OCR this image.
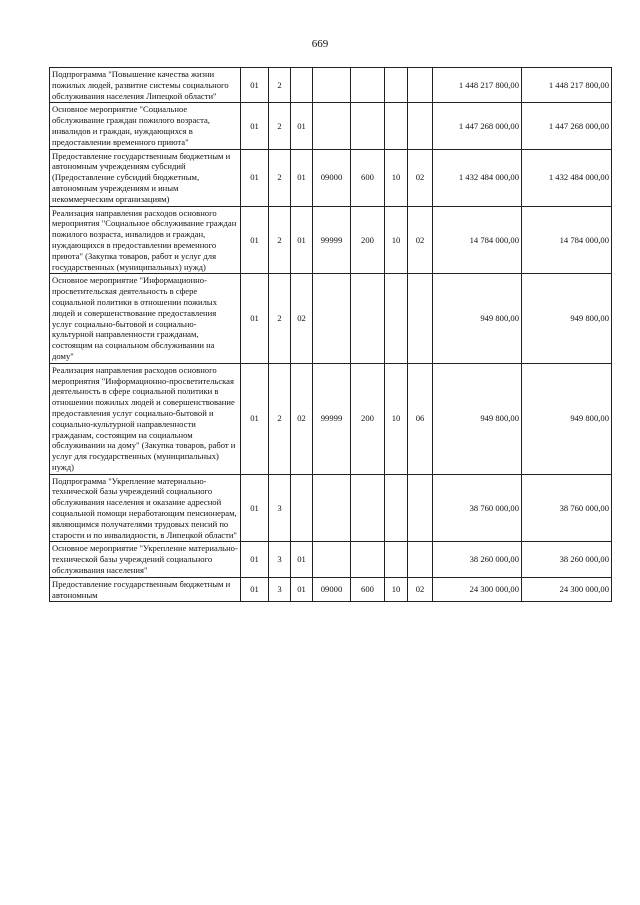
669
Подпрограмма "Повышение качества жизни пожилых людей, развитие системы социального обслуживания населения Липецкой области"	01	2						1 448 217 800,00	1 448 217 800,00
Основное мероприятие "Социальное обслуживание граждан пожилого возраста, инвалидов и граждан, нуждающихся в предоставлении временного приюта"	01	2	01					1 447 268 000,00	1 447 268 000,00
Предоставление государственным бюджетным и автономным учреждениям субсидий (Предоставление субсидий бюджетным, автономным учреждениям и иным некоммерческим организациям)	01	2	01	09000	600	10	02	1 432 484 000,00	1 432 484 000,00
Реализация направления расходов основного мероприятия "Социальное обслуживание граждан пожилого возраста, инвалидов и граждан, нуждающихся в предоставлении временного приюта" (Закупка товаров, работ и услуг для государственных (муниципальных) нужд)	01	2	01	99999	200	10	02	14 784 000,00	14 784 000,00
Основное мероприятие "Информационно-просветительская деятельность в сфере социальной политики в отношении пожилых людей и совершенствование предоставления услуг социально-бытовой и социально-культурной направленности гражданам, состоящим на социальном обслуживании на дому"	01	2	02					949 800,00	949 800,00
Реализация направления расходов основного мероприятия "Информационно-просветительская деятельность в сфере социальной политики в отношении пожилых людей и совершенствование предоставления услуг социально-бытовой и социально-культурной направленности гражданам, состоящим на социальном обслуживании на дому" (Закупка товаров, работ и услуг для государственных (муниципальных) нужд)	01	2	02	99999	200	10	06	949 800,00	949 800,00
Подпрограмма "Укрепление материально-технической базы учреждений социального обслуживания населения и оказание адресной социальной помощи неработающим пенсионерам, являющимся получателями трудовых пенсий по старости и по инвалидности, в Липецкой области"	01	3						38 760 000,00	38 760 000,00
Основное мероприятие "Укрепление материально-технической базы учреждений социального обслуживания населения"	01	3	01					38 260 000,00	38 260 000,00
Предоставление государственным бюджетным и автономным	01	3	01	09000	600	10	02	24 300 000,00	24 300 000,00
